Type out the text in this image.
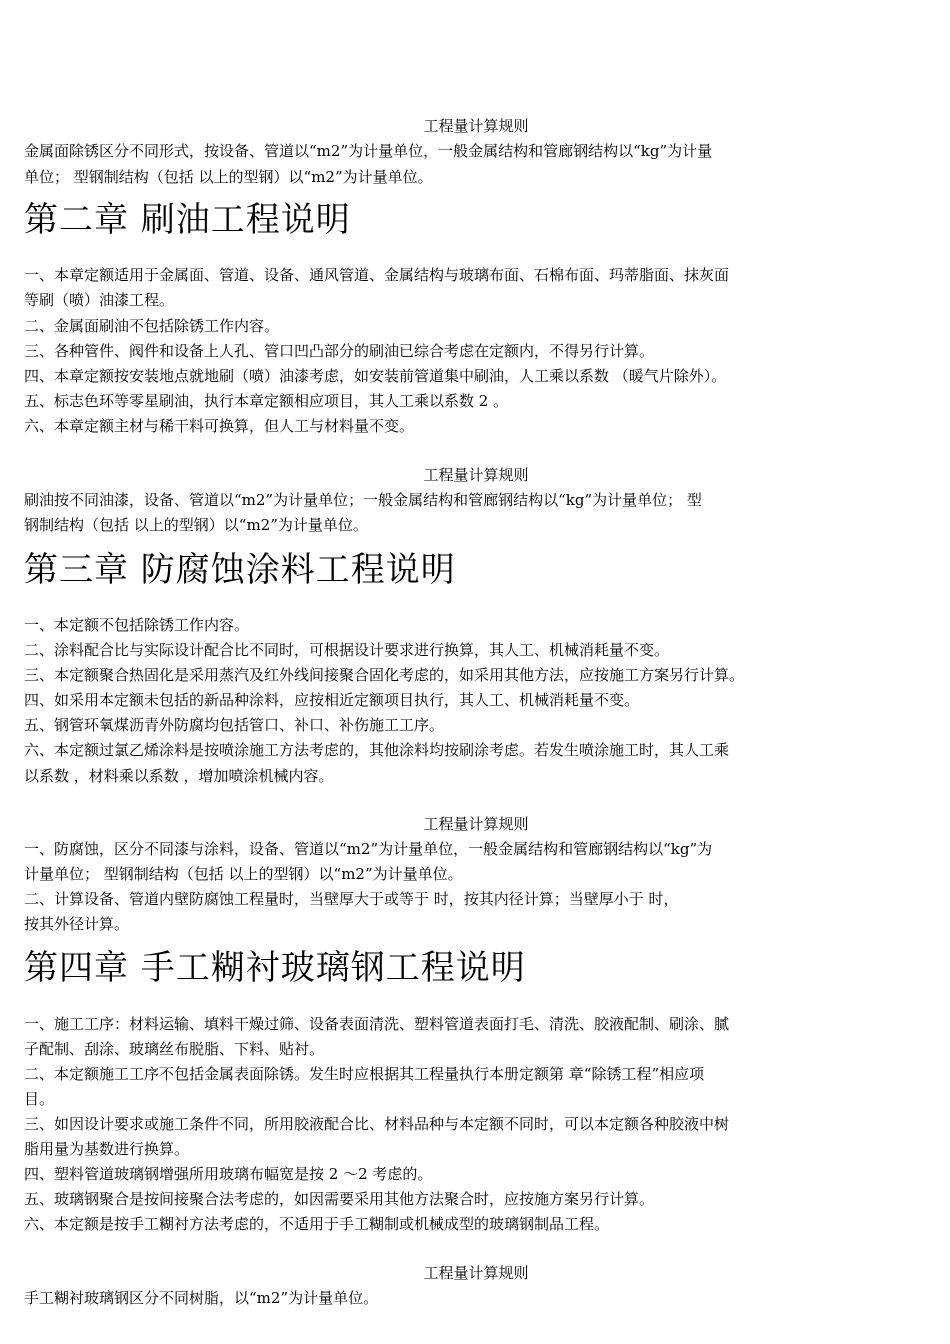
工程量计算规则
金属面除锈区分不同形式，按设备、管道以“m2”为计量单位，一般金属结构和管廊钢结构以“kg”为计量
单位； 型钢制结构（包括 以上的型钢）以“m2”为计量单位。
第二章 刷油工程说明
一、本章定额适用于金属面、管道、设备、通风管道、金属结构与玻璃布面、石棉布面、玛蒂脂面、抹灰面
等刷（喷）油漆工程。
二、金属面刷油不包括除锈工作内容。
三、各种管件、阀件和设备上人孔、管口凹凸部分的刷油已综合考虑在定额内，不得另行计算。
四、本章定额按安装地点就地刷（喷）油漆考虑，如安装前管道集中刷油，人工乘以系数 （暖气片除外）。
五、标志色环等零星刷油，执行本章定额相应项目，其人工乘以系数 2 。
六、本章定额主材与稀干料可换算，但人工与材料量不变。
工程量计算规则
刷油按不同油漆，设备、管道以“m2”为计量单位；一般金属结构和管廊钢结构以“kg”为计量单位； 型
钢制结构（包括 以上的型钢）以“m2”为计量单位。
第三章 防腐蚀涂料工程说明
一、本定额不包括除锈工作内容。
二、涂料配合比与实际设计配合比不同时，可根据设计要求进行换算，其人工、机械消耗量不变。
三、本定额聚合热固化是采用蒸汽及红外线间接聚合固化考虑的，如采用其他方法，应按施工方案另行计算。
四、如采用本定额未包括的新品种涂料，应按相近定额项目执行，其人工、机械消耗量不变。
五、钢管环氧煤沥青外防腐均包括管口、补口、补伤施工工序。
六、本定额过氯乙烯涂料是按喷涂施工方法考虑的，其他涂料均按刷涂考虑。若发生喷涂施工时，其人工乘
以系数 ，材料乘以系数 ，增加喷涂机械内容。
工程量计算规则
一、防腐蚀，区分不同漆与涂料，设备、管道以“m2”为计量单位，一般金属结构和管廊钢结构以“kg”为
计量单位； 型钢制结构（包括 以上的型钢）以“m2”为计量单位。
二、计算设备、管道内壁防腐蚀工程量时，当壁厚大于或等于 时，按其内径计算；当壁厚小于 时，
按其外径计算。
第四章 手工糊衬玻璃钢工程说明
一、施工工序：材料运输、填料干燥过筛、设备表面清洗、塑料管道表面打毛、清洗、胶液配制、刷涂、腻
子配制、刮涂、玻璃丝布脱脂、下料、贴衬。
二、本定额施工工序不包括金属表面除锈。发生时应根据其工程量执行本册定额第 章“除锈工程”相应项
目。
三、如因设计要求或施工条件不同，所用胶液配合比、材料品种与本定额不同时，可以本定额各种胶液中树
脂用量为基数进行换算。
四、塑料管道玻璃钢增强所用玻璃布幅宽是按 2 ～2 考虑的。
五、玻璃钢聚合是按间接聚合法考虑的，如因需要采用其他方法聚合时，应按施方案另行计算。
六、本定额是按手工糊衬方法考虑的，不适用于手工糊制或机械成型的玻璃钢制品工程。
工程量计算规则
手工糊衬玻璃钢区分不同树脂，以“m2”为计量单位。
